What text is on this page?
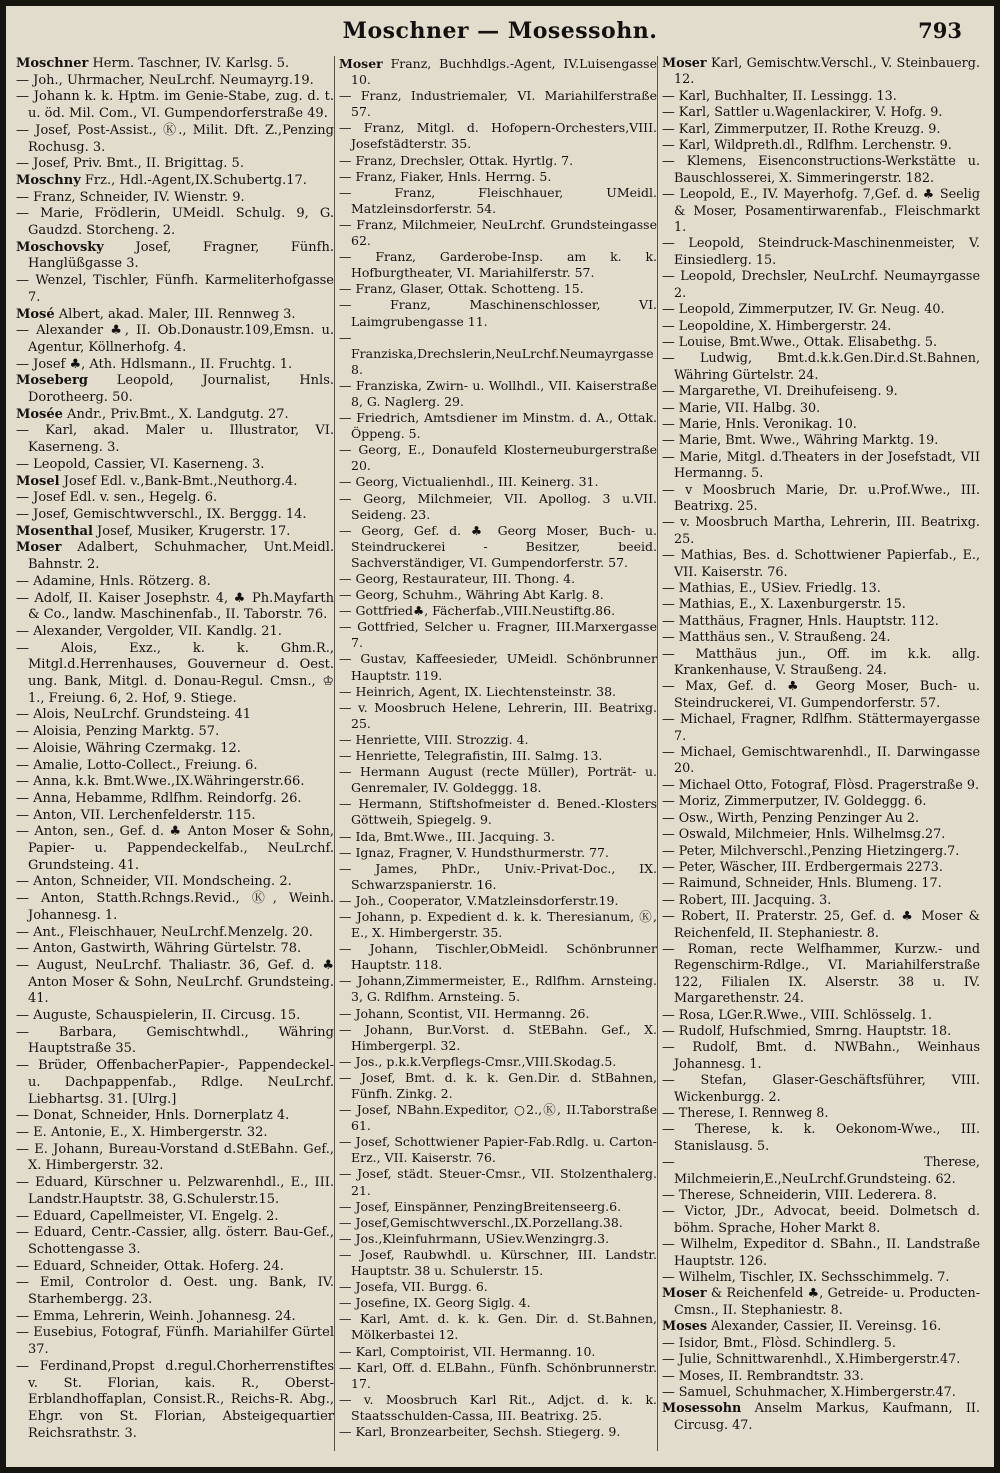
Moschner — Mosessohn.	793
Moschner Herm. Taschner, IV. Karlsg. 5.
— Joh., Uhrmacher, NeuLrchf. Neumayrg.19.
— Johann k. k. Hptm. im Genie-Stabe, zug. d. t. u. öd. Mil. Com., VI. Gumpendorferstraße 49.
— Josef, Post-Assist., Ⓚ., Milit. Dft. Z.,Penzing Rochusg. 3.
— Josef, Priv. Bmt., II. Brigittag. 5.
Moschny Frz., Hdl.-Agent,IX.Schubertg.17.
— Franz, Schneider, IV. Wienstr. 9.
— Marie, Frödlerin, UMeidl. Schulg. 9, G. Gaudzd. Storcheng. 2.
Moschovsky Josef, Fragner, Fünfh. Hanglüßgasse 3.
— Wenzel, Tischler, Fünfh. Karmeliterhofgasse 7.
Mosé Albert, akad. Maler, III. Rennweg 3.
— Alexander ♣, II. Ob.Donaustr.109,Emsn. u. Agentur, Köllnerhofg. 4.
— Josef ♣, Ath. Hdlsmann., II. Fruchtg. 1.
Moseberg Leopold, Journalist, Hnls. Dorotheerg. 50.
Mosée Andr., Priv.Bmt., X. Landgutg. 27.
— Karl, akad. Maler u. Illustrator, VI. Kaserneng. 3.
— Leopold, Cassier, VI. Kaserneng. 3.
Mosel Josef Edl. v.,Bank-Bmt.,Neuthorg.4.
— Josef Edl. v. sen., Hegelg. 6.
— Josef, Gemischtwverschl., IX. Berggg. 14.
Mosenthal Josef, Musiker, Krugerstr. 17.
Moser Adalbert, Schuhmacher, Unt.Meidl. Bahnstr. 2.
— Adamine, Hnls. Rötzerg. 8.
— Adolf, II. Kaiser Josephstr. 4, ♣ Ph.Mayfarth & Co., landw. Maschinenfab., II. Taborstr. 76.
— Alexander, Vergolder, VII. Kandlg. 21.
— Alois, Exz., k. k. Ghm.R., Mitgl.d.Herrenhauses, Gouverneur d. Oest. ung. Bank, Mitgl. d. Donau-Regul. Cmsn., ♔ 1., Freiung. 6, 2. Hof, 9. Stiege.
— Alois, NeuLrchf. Grundsteing. 41
— Aloisia, Penzing Marktg. 57.
— Aloisie, Währing Czermakg. 12.
— Amalie, Lotto-Collect., Freiung. 6.
— Anna, k.k. Bmt.Wwe.,IX.Währingerstr.66.
— Anna, Hebamme, Rdlfhm. Reindorfg. 26.
— Anton, VII. Lerchenfelderstr. 115.
— Anton, sen., Gef. d. ♣ Anton Moser & Sohn, Papier- u. Pappendeckelfab., NeuLrchf. Grundsteing. 41.
— Anton, Schneider, VII. Mondscheing. 2.
— Anton, Statth.Rchngs.Revid., Ⓚ, Weinh. Johannesg. 1.
— Ant., Fleischhauer, NeuLrchf.Menzelg. 20.
— Anton, Gastwirth, Währing Gürtelstr. 78.
— August, NeuLrchf. Thaliastr. 36, Gef. d. ♣ Anton Moser & Sohn, NeuLrchf. Grundsteing. 41.
— Auguste, Schauspielerin, II. Circusg. 15.
— Barbara, Gemischtwhdl., Währing Hauptstraße 35.
— Brüder, OffenbacherPapier-, Pappendeckel- u. Dachpappenfab., Rdlge. NeuLrchf. Liebhartsg. 31. [Ulrg.]
— Donat, Schneider, Hnls. Dornerplatz 4.
— E. Antonie, E., X. Himbergerstr. 32.
— E. Johann, Bureau-Vorstand d.StEBahn. Gef., X. Himbergerstr. 32.
— Eduard, Kürschner u. Pelzwarenhdl., E., III. Landstr.Hauptstr. 38, G.Schulerstr.15.
— Eduard, Capellmeister, VI. Engelg. 2.
— Eduard, Centr.-Cassier, allg. österr. Bau-Gef., Schottengasse 3.
— Eduard, Schneider, Ottak. Hoferg. 24.
— Emil, Controlor d. Oest. ung. Bank, IV. Starhembergg. 23.
— Emma, Lehrerin, Weinh. Johannesg. 24.
— Eusebius, Fotograf, Fünfh. Mariahilfer Gürtel 37.
— Ferdinand,Propst d.regul.Chorherrenstiftes v. St. Florian, kais. R., Oberst-Erblandhoffaplan, Consist.R., Reichs-R. Abg., Ehgr. von St. Florian, Absteigequartier Reichsrathstr. 3.
Moser Franz, Buchhdlgs.-Agent, IV.Luisengasse 10.
— Franz, Industriemaler, VI. Mariahilferstraße 57.
— Franz, Mitgl. d. Hofopern-Orchesters,VIII. Josefstädterstr. 35.
— Franz, Drechsler, Ottak. Hyrtlg. 7.
— Franz, Fiaker, Hnls. Herrng. 5.
— Franz, Fleischhauer, UMeidl. Matzleinsdorferstr. 54.
— Franz, Milchmeier, NeuLrchf. Grundsteingasse 62.
— Franz, Garderobe-Insp. am k. k. Hofburgtheater, VI. Mariahilferstr. 57.
— Franz, Glaser, Ottak. Schotteng. 15.
— Franz, Maschinenschlosser, VI. Laimgrubengasse 11.
— Franziska,Drechslerin,NeuLrchf.Neumayrgasse 8.
— Franziska, Zwirn- u. Wollhdl., VII. Kaiserstraße 8, G. Naglerg. 29.
— Friedrich, Amtsdiener im Minstm. d. A., Ottak. Öppeng. 5.
— Georg, E., Donaufeld Klosterneuburgerstraße 20.
— Georg, Victualienhdl., III. Keinerg. 31.
— Georg, Milchmeier, VII. Apollog. 3 u.VII. Seideng. 23.
— Georg, Gef. d. ♣ Georg Moser, Buch- u. Steindruckerei - Besitzer, beeid. Sachverständiger, VI. Gumpendorferstr. 57.
— Georg, Restaurateur, III. Thong. 4.
— Georg, Schuhm., Währing Abt Karlg. 8.
— Gottfried♣, Fächerfab.,VIII.Neustiftg.86.
— Gottfried, Selcher u. Fragner, III.Marxergasse 7.
— Gustav, Kaffeesieder, UMeidl. Schönbrunner Hauptstr. 119.
— Heinrich, Agent, IX. Liechtensteinstr. 38.
— v. Moosbruch Helene, Lehrerin, III. Beatrixg. 25.
— Henriette, VIII. Strozzig. 4.
— Henriette, Telegrafistin, III. Salmg. 13.
— Hermann August (recte Müller), Porträt- u. Genremaler, IV. Goldeggg. 18.
— Hermann, Stiftshofmeister d. Bened.-Klosters Göttweih, Spiegelg. 9.
— Ida, Bmt.Wwe., III. Jacquing. 3.
— Ignaz, Fragner, V. Hundsthurmerstr. 77.
— James, PhDr., Univ.-Privat-Doc., IX. Schwarzspanierstr. 16.
— Joh., Cooperator, V.Matzleinsdorferstr.19.
— Johann, p. Expedient d. k. k. Theresianum, Ⓚ, E., X. Himbergerstr. 35.
— Johann, Tischler,ObMeidl. Schönbrunner Hauptstr. 118.
— Johann,Zimmermeister, E., Rdlfhm. Arnsteing. 3, G. Rdlfhm. Arnsteing. 5.
— Johann, Scontist, VII. Hermanng. 26.
— Johann, Bur.Vorst. d. StEBahn. Gef., X. Himbergerpl. 32.
— Jos., p.k.k.Verpflegs-Cmsr.,VIII.Skodag.5.
— Josef, Bmt. d. k. k. Gen.Dir. d. StBahnen, Fünfh. Zinkg. 2.
— Josef, NBahn.Expeditor, ○2.,Ⓚ, II.Taborstraße 61.
— Josef, Schottwiener Papier-Fab.Rdlg. u. Carton-Erz., VII. Kaiserstr. 76.
— Josef, städt. Steuer-Cmsr., VII. Stolzenthalerg. 21.
— Josef, Einspänner, PenzingBreitenseerg.6.
— Josef,Gemischtwverschl.,IX.Porzellang.38.
— Jos.,Kleinfuhrmann, USiev.Wenzingrg.3.
— Josef, Raubwhdl. u. Kürschner, III. Landstr. Hauptstr. 38 u. Schulerstr. 15.
— Josefa, VII. Burgg. 6.
— Josefine, IX. Georg Siglg. 4.
— Karl, Amt. d. k. k. Gen. Dir. d. St.Bahnen, Mölkerbastei 12.
— Karl, Comptoirist, VII. Hermanng. 10.
— Karl, Off. d. ELBahn., Fünfh. Schönbrunnerstr. 17.
— v. Moosbruch Karl Rit., Adjct. d. k. k. Staatsschulden-Cassa, III. Beatrixg. 25.
— Karl, Bronzearbeiter, Sechsh. Stiegerg. 9.
Moser Karl, Gemischtw.Verschl., V. Steinbauerg. 12.
— Karl, Buchhalter, II. Lessingg. 13.
— Karl, Sattler u.Wagenlackirer, V. Hofg. 9.
— Karl, Zimmerputzer, II. Rothe Kreuzg. 9.
— Karl, Wildpreth.dl., Rdlfhm. Lerchenstr. 9.
— Klemens, Eisenconstructions-Werkstätte u. Bauschlosserei, X. Simmeringerstr. 182.
— Leopold, E., IV. Mayerhofg. 7,Gef. d. ♣ Seelig & Moser, Posamentirwarenfab., Fleischmarkt 1.
— Leopold, Steindruck-Maschinenmeister, V. Einsiedlerg. 15.
— Leopold, Drechsler, NeuLrchf. Neumayrgasse 2.
— Leopold, Zimmerputzer, IV. Gr. Neug. 40.
— Leopoldine, X. Himbergerstr. 24.
— Louise, Bmt.Wwe., Ottak. Elisabethg. 5.
— Ludwig, Bmt.d.k.k.Gen.Dir.d.St.Bahnen, Währing Gürtelstr. 24.
— Margarethe, VI. Dreihufeiseng. 9.
— Marie, VII. Halbg. 30.
— Marie, Hnls. Veronikag. 10.
— Marie, Bmt. Wwe., Währing Marktg. 19.
— Marie, Mitgl. d.Theaters in der Josefstadt, VII Hermanng. 5.
— v Moosbruch Marie, Dr. u.Prof.Wwe., III. Beatrixg. 25.
— v. Moosbruch Martha, Lehrerin, III. Beatrixg. 25.
— Mathias, Bes. d. Schottwiener Papierfab., E., VII. Kaiserstr. 76.
— Mathias, E., USiev. Friedlg. 13.
— Mathias, E., X. Laxenburgerstr. 15.
— Matthäus, Fragner, Hnls. Hauptstr. 112.
— Matthäus sen., V. Straußeng. 24.
— Matthäus jun., Off. im k.k. allg. Krankenhause, V. Straußeng. 24.
— Max, Gef. d. ♣ Georg Moser, Buch- u. Steindruckerei, VI. Gumpendorferstr. 57.
— Michael, Fragner, Rdlfhm. Stättermayergasse 7.
— Michael, Gemischtwarenhdl., II. Darwingasse 20.
— Michael Otto, Fotograf, Flòsd. Pragerstraße 9.
— Moriz, Zimmerputzer, IV. Goldeggg. 6.
— Osw., Wirth, Penzing Penzinger Au 2.
— Oswald, Milchmeier, Hnls. Wilhelmsg.27.
— Peter, Milchverschl.,Penzing Hietzingerg.7.
— Peter, Wäscher, III. Erdbergermais 2273.
— Raimund, Schneider, Hnls. Blumeng. 17.
— Robert, III. Jacquing. 3.
— Robert, II. Praterstr. 25, Gef. d. ♣ Moser & Reichenfeld, II. Stephaniestr. 8.
— Roman, recte Welfhammer, Kurzw.- und Regenschirm-Rdlge., VI. Mariahilferstraße 122, Filialen IX. Alserstr. 38 u. IV. Margarethenstr. 24.
— Rosa, LGer.R.Wwe., VIII. Schlösselg. 1.
— Rudolf, Hufschmied, Smrng. Hauptstr. 18.
— Rudolf, Bmt. d. NWBahn., Weinhaus Johannesg. 1.
— Stefan, Glaser-Geschäftsführer, VIII. Wickenburgg. 2.
— Therese, I. Rennweg 8.
— Therese, k. k. Oekonom-Wwe., III. Stanislausg. 5.
— Therese, Milchmeierin,E.,NeuLrchf.Grundsteing. 62.
— Therese, Schneiderin, VIII. Lederera. 8.
— Victor, JDr., Advocat, beeid. Dolmetsch d. böhm. Sprache, Hoher Markt 8.
— Wilhelm, Expeditor d. SBahn., II. Landstraße Hauptstr. 126.
— Wilhelm, Tischler, IX. Sechsschimmelg. 7.
Moser & Reichenfeld ♣, Getreide- u. Producten-Cmsn., II. Stephaniestr. 8.
Moses Alexander, Cassier, II. Vereinsg. 16.
— Isidor, Bmt., Flòsd. Schindlerg. 5.
— Julie, Schnittwarenhdl., X.Himbergerstr.47.
— Moses, II. Rembrandtstr. 33.
— Samuel, Schuhmacher, X.Himbergerstr.47.
Mosessohn Anselm Markus, Kaufmann, II. Circusg. 47.
